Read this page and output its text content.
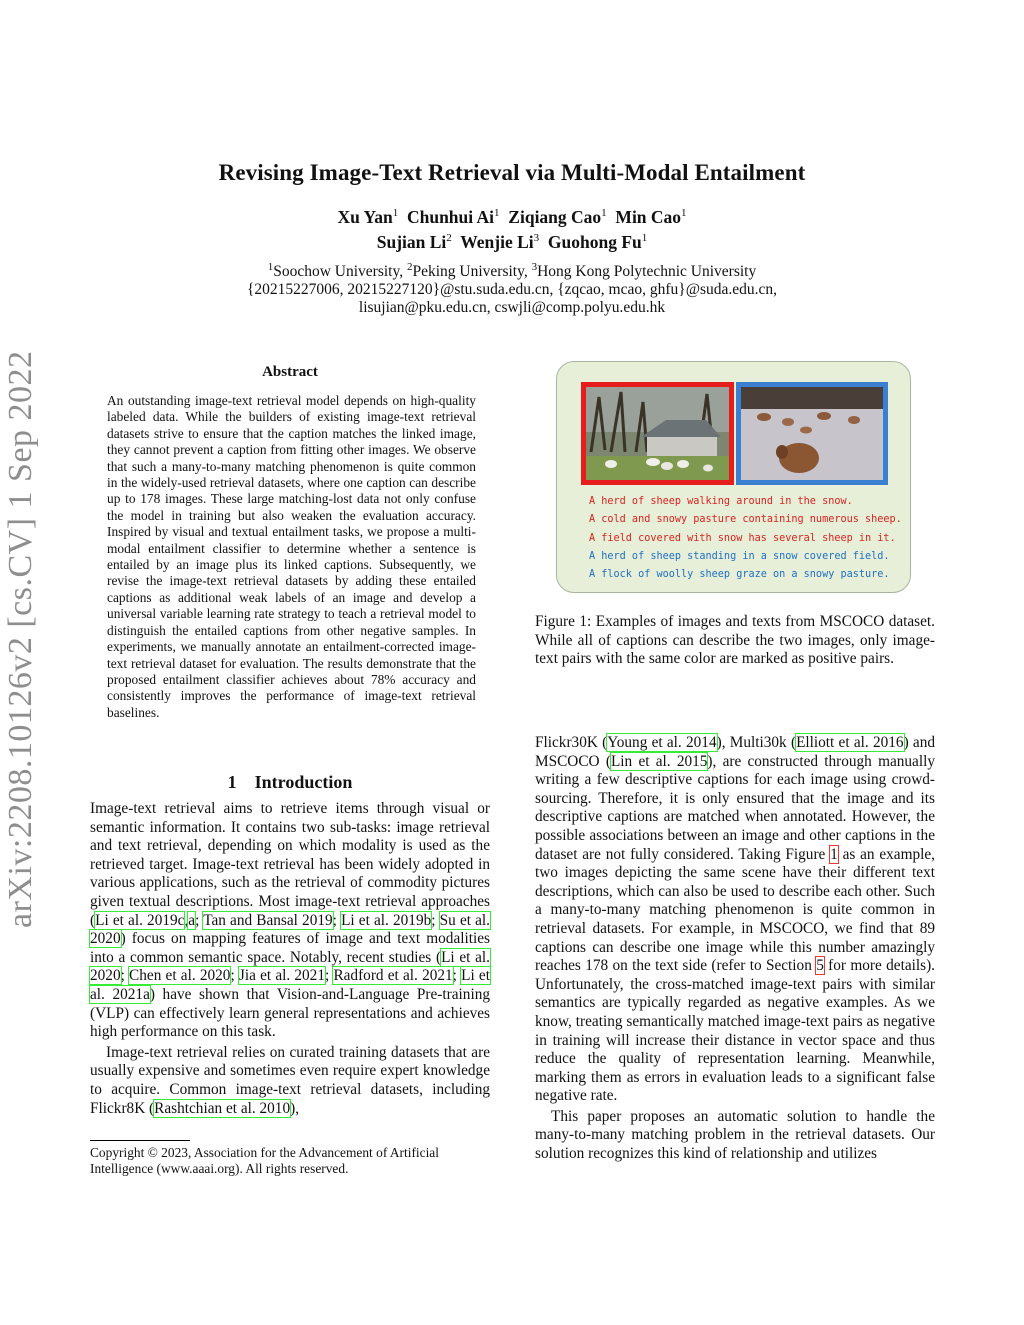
Revising Image-Text Retrieval via Multi-Modal Entailment
Xu Yan$^1$ Chunhui Ai$^1$ Ziqiang Cao$^1$ Min Cao$^1$
Sujian Li$^2$ Wenjie Li$^3$ Guohong Fu$^1$
$^1$Soochow University, $^2$Peking University, $^3$Hong Kong Polytechnic University
{20215227006, 20215227120}@stu.suda.edu.cn, {zqcao, mcao, ghfu}@suda.edu.cn,
lisujian@pku.edu.cn, cswjli@comp.polyu.edu.hk
arXiv:2208.10126v2 [cs.CV] 1 Sep 2022	Abstract
An outstanding image-text retrieval model depends on high-quality labeled data. While the builders of existing image-text retrieval datasets strive to ensure that the caption matches the linked image, they cannot prevent a caption from fitting other images. We observe that such a many-to-many matching phenomenon is quite common in the widely-used retrieval datasets, where one caption can describe up to 178 images. These large matching-lost data not only confuse the model in training but also weaken the evaluation accuracy. Inspired by visual and textual entailment tasks, we propose a multi-modal entailment classifier to determine whether a sentence is entailed by an image plus its linked captions. Subsequently, we revise the image-text retrieval datasets by adding these entailed captions as additional weak labels of an image and develop a universal variable learning rate strategy to teach a retrieval model to distinguish the entailed captions from other negative samples. In experiments, we manually annotate an entailment-corrected image-text retrieval dataset for evaluation. The results demonstrate that the proposed entailment classifier achieves about 78% accuracy and consistently improves the performance of image-text retrieval baselines.
1    Introduction

Image-text retrieval aims to retrieve items through visual or semantic information. It contains two sub-tasks: image retrieval and text retrieval, depending on which modality is used as the retrieved target. Image-text retrieval has been widely adopted in various applications, such as the retrieval of commodity pictures given textual descriptions. Most image-text retrieval approaches (Li et al. 2019c,a; Tan and Bansal 2019; Li et al. 2019b; Su et al. 2020) focus on mapping features of image and text modalities into a common semantic space. Notably, recent studies (Li et al. 2020; Chen et al. 2020; Jia et al. 2021; Radford et al. 2021; Li et al. 2021a) have shown that Vision-and-Language Pre-training (VLP) can effectively learn general representations and achieves high performance on this task.

Image-text retrieval relies on curated training datasets that are usually expensive and sometimes even require expert knowledge to acquire. Common image-text retrieval datasets, including Flickr8K (Rashtchian et al. 2010),

Copyright © 2023, Association for the Advancement of Artificial Intelligence (www.aaai.org). All rights reserved.
A herd of sheep walking around in the snow.
A cold and snowy pasture containing numerous sheep.
A field covered with snow has several sheep in it.
A herd of sheep standing in a snow covered field.
A flock of woolly sheep graze on a snowy pasture.
Figure 1: Examples of images and texts from MSCOCO dataset. While all of captions can describe the two images, only image-text pairs with the same color are marked as positive pairs.

Flickr30K (Young et al. 2014), Multi30k (Elliott et al. 2016) and MSCOCO (Lin et al. 2015), are constructed through manually writing a few descriptive captions for each image using crowd-sourcing. Therefore, it is only ensured that the image and its descriptive captions are matched when annotated. However, the possible associations between an image and other captions in the dataset are not fully considered. Taking Figure 1 as an example, two images depicting the same scene have their different text descriptions, which can also be used to describe each other. Such a many-to-many matching phenomenon is quite common in retrieval datasets. For example, in MSCOCO, we find that 89 captions can describe one image while this number amazingly reaches 178 on the text side (refer to Section 5 for more details). Unfortunately, the cross-matched image-text pairs with similar semantics are typically regarded as negative examples. As we know, treating semantically matched image-text pairs as negative in training will increase their distance in vector space and thus reduce the quality of representation learning. Meanwhile, marking them as errors in evaluation leads to a significant false negative rate.

This paper proposes an automatic solution to handle the many-to-many matching problem in the retrieval datasets. Our solution recognizes this kind of relationship and utilizes
